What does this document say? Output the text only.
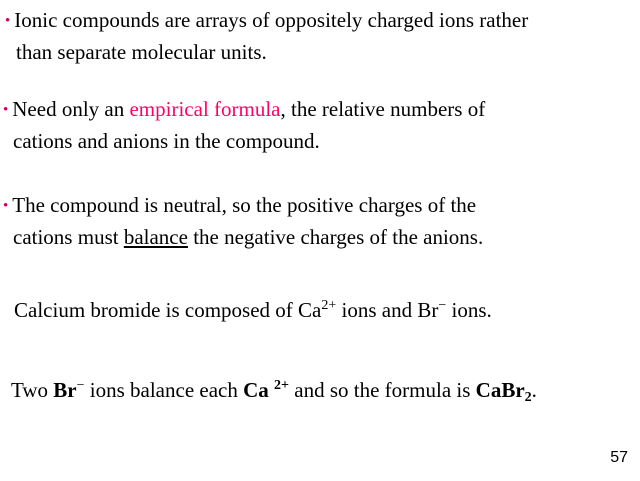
• Ionic compounds are arrays of oppositely charged ions rather
than separate molecular units.
• Need only an empirical formula, the relative numbers of
cations and anions in the compound.
• The compound is neutral, so the positive charges of the
cations must balance the negative charges of the anions.
Calcium bromide is composed of $Ca^{2+}$ ions and Br− ions.
Two Br− ions balance each Ca $^{2+}$ and so the formula is CaBr$_2$.
57
